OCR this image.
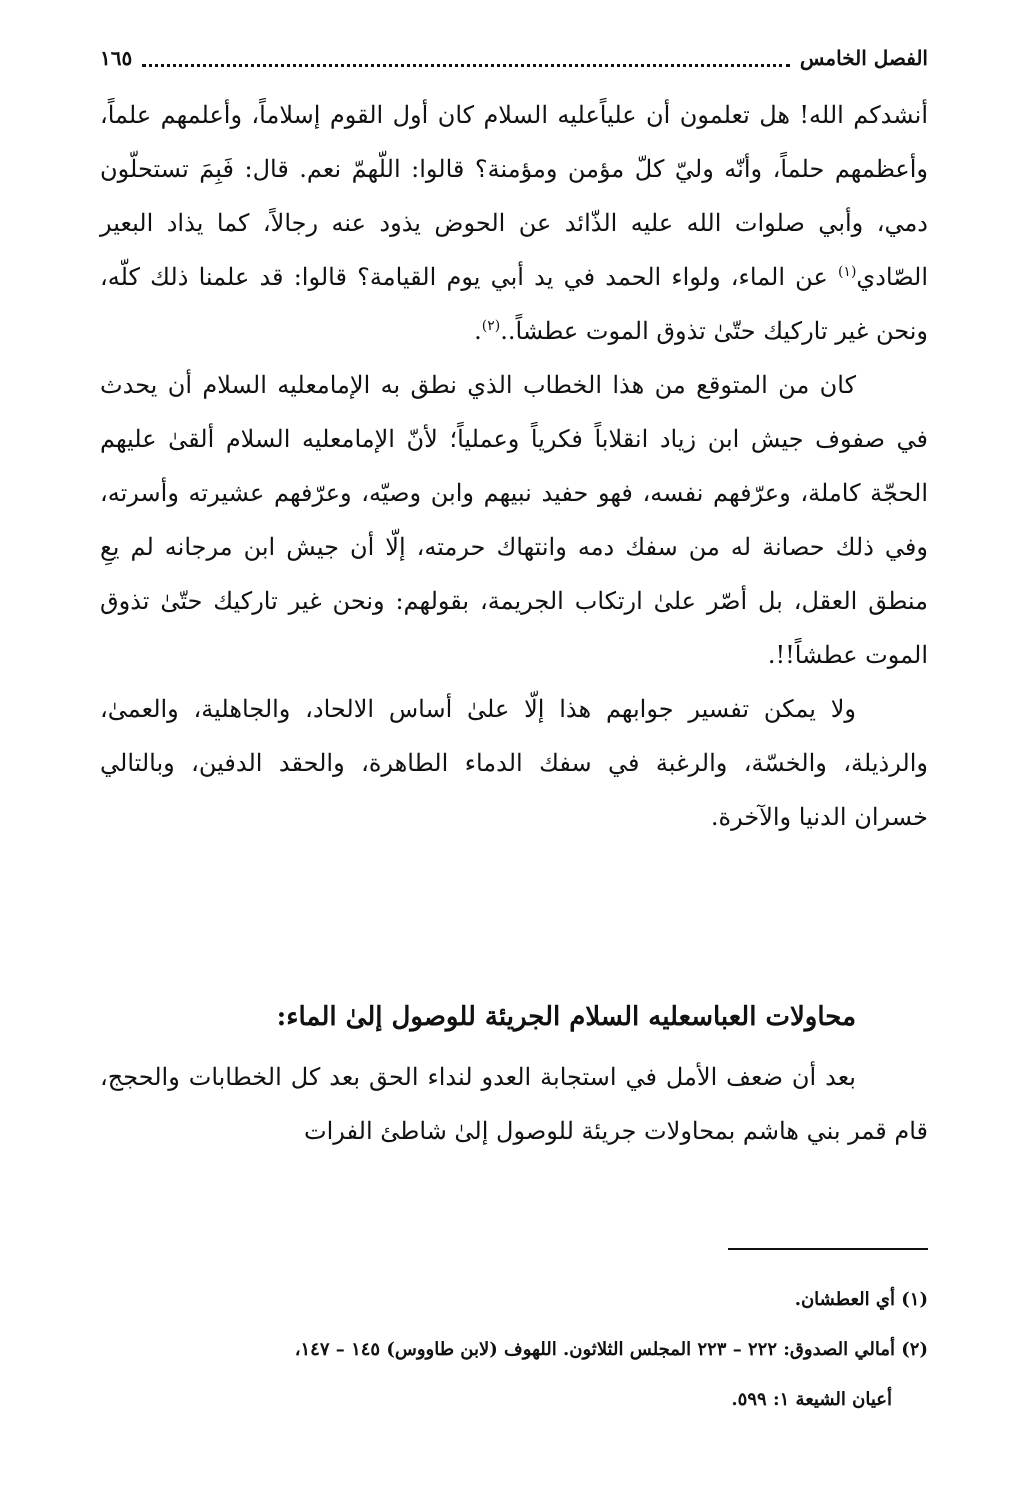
الفصل الخامس
١٦٥

أنشدكم الله! هل تعلمون أن علياًعليه السلام كان أول القوم إسلاماً، وأعلمهم علماً، وأعظمهم حلماً، وأنّه وليّ كلّ مؤمن ومؤمنة؟ قالوا: اللّهمّ نعم. قال: فَبِمَ تستحلّون دمي، وأبي صلوات الله عليه الذّائد عن الحوض يذود عنه رجالاً، كما يذاد البعير الصّادي$^{(١)}$ عن الماء، ولواء الحمد في يد أبي يوم القيامة؟ قالوا: قد علمنا ذلك كلّه، ونحن غير تاركيك حتّىٰ تذوق الموت عطشاً..$^{(٢)}$.

كان من المتوقع من هذا الخطاب الذي نطق به الإمامعليه السلام أن يحدث في صفوف جيش ابن زياد انقلاباً فكرياً وعملياً؛ لأنّ الإمامعليه السلام ألقىٰ عليهم الحجّة كاملة، وعرّفهم نفسه، فهو حفيد نبيهم وابن وصيّه، وعرّفهم عشيرته وأسرته، وفي ذلك حصانة له من سفك دمه وانتهاك حرمته، إلّا أن جيش ابن مرجانه لم يعِ منطق العقل، بل أصّر علىٰ ارتكاب الجريمة، بقولهم: ونحن غير تاركيك حتّىٰ تذوق الموت عطشاً!!.

ولا يمكن تفسير جوابهم هذا إلّا علىٰ أساس الالحاد، والجاهلية، والعمىٰ، والرذيلة، والخسّة، والرغبة في سفك الدماء الطاهرة، والحقد الدفين، وبالتالي خسران الدنيا والآخرة.

محاولات العباسعليه السلام الجريئة للوصول إلىٰ الماء:

بعد أن ضعف الأمل في استجابة العدو لنداء الحق بعد كل الخطابات والحجج، قام قمر بني هاشم بمحاولات جريئة للوصول إلىٰ شاطئ الفرات

(١) أي العطشان.

(٢) أمالي الصدوق: ٢٢٢ – ٢٢٣ المجلس الثلاثون. اللهوف (لابن طاووس) ١٤٥ – ١٤٧،

أعيان الشيعة ١: ٥٩٩.
